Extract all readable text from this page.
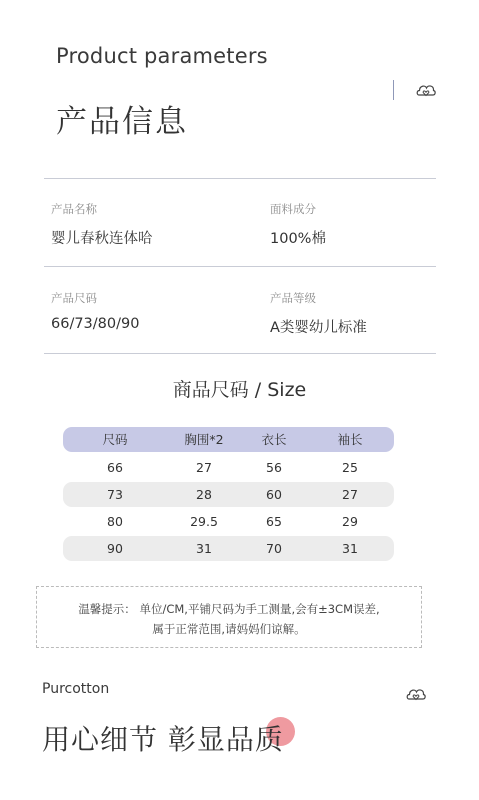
Product parameters
产品信息
产品名称
婴儿春秋连体哈
面料成分
100%棉
产品尺码
66/73/80/90
产品等级
A类婴幼儿标准
商品尺码 / Size
尺码	胸围*2	衣长	袖长
66	27	56	25
73	28	60	27
80	29.5	65	29
90	31	70	31
温馨提示： 单位/CM,平铺尺码为手工测量,会有±3CM误差,
属于正常范围,请妈妈们谅解。
Purcotton
用心细节 彰显品质
